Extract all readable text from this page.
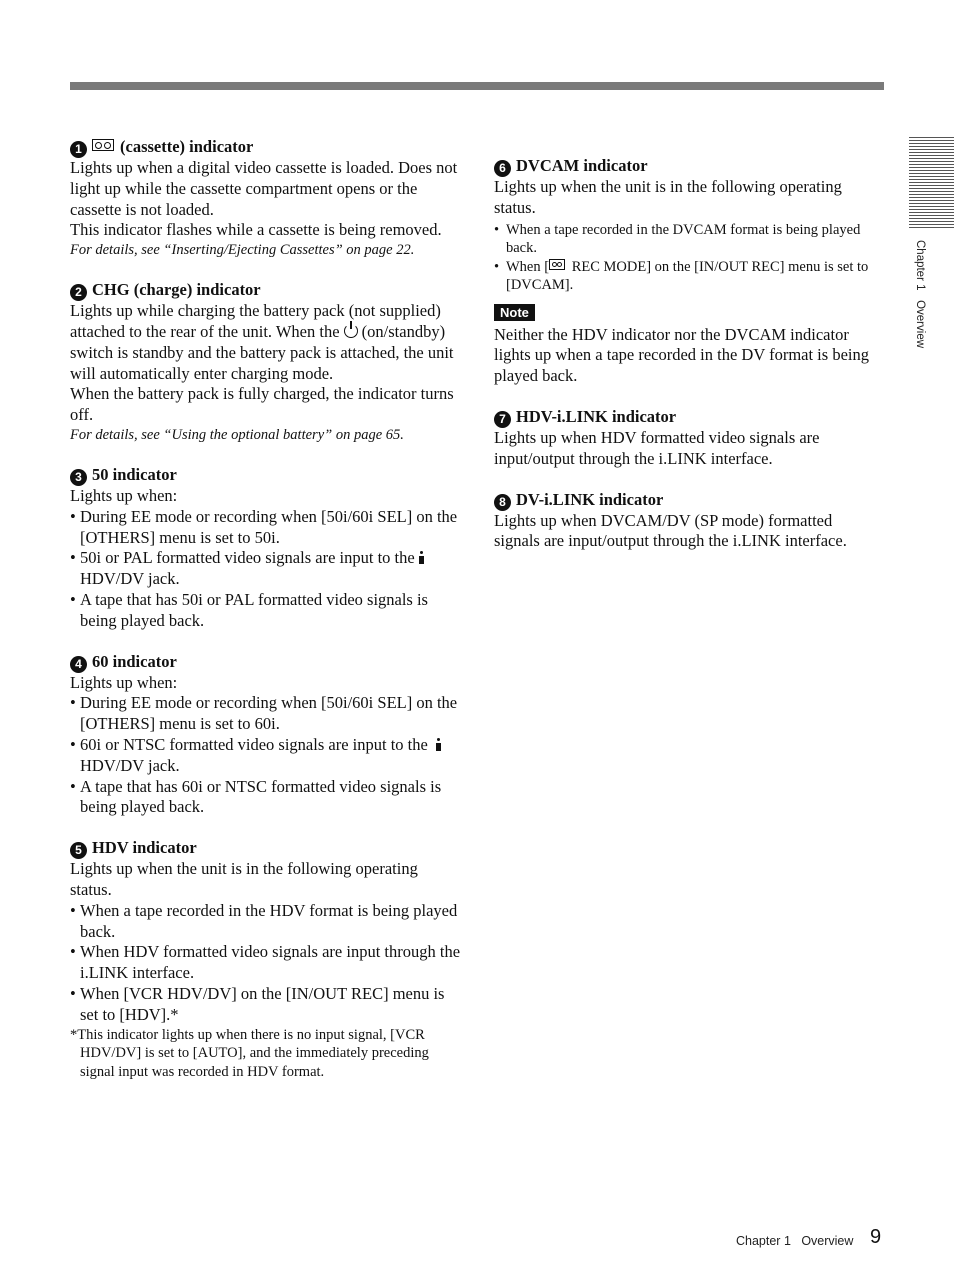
1 (cassette) indicator

Lights up when a digital video cassette is loaded. Does not light up while the cassette compartment opens or the cassette is not loaded.

This indicator flashes while a cassette is being removed.

For details, see “Inserting/Ejecting Cassettes” on page 22.

2 CHG (charge) indicator

Lights up while charging the battery pack (not supplied) attached to the rear of the unit. When the (on/standby) switch is standby and the battery pack is attached, the unit will automatically enter charging mode.

When the battery pack is fully charged, the indicator turns off.

For details, see “Using the optional battery” on page 65.

3 50 indicator

Lights up when:

• During EE mode or recording when [50i/60i SEL] on the [OTHERS] menu is set to 50i.
• 50i or PAL formatted video signals are input to theHDV/DV jack.
• A tape that has 50i or PAL formatted video signals is being played back.
4 60 indicator

Lights up when:

• During EE mode or recording when [50i/60i SEL] on the [OTHERS] menu is set to 60i.
• 60i or NTSC formatted video signals are input to the HDV/DV jack.
• A tape that has 60i or NTSC formatted video signals is being played back.
5 HDV indicator

Lights up when the unit is in the following operating status.

• When a tape recorded in the HDV format is being played back.
• When HDV formatted video signals are input through the i.LINK interface.
• When [VCR HDV/DV] on the [IN/OUT REC] menu is set to [HDV].*

*This indicator lights up when there is no input signal, [VCR HDV/DV] is set to [AUTO], and the immediately preceding signal input was recorded in HDV format.

6 DVCAM indicator

Lights up when the unit is in the following operating status.

• When a tape recorded in the DVCAM format is being played back.
• When [ REC MODE] on the [IN/OUT REC] menu is set to [DVCAM].
Note

Neither the HDV indicator nor the DVCAM indicator lights up when a tape recorded in the DV format is being played back.

7 HDV-i.LINK indicator

Lights up when HDV formatted video signals are input/output through the i.LINK interface.

8 DV-i.LINK indicator

Lights up when DVCAM/DV (SP mode) formatted signals are input/output through the i.LINK interface.

Chapter 1   Overview
Chapter 1   Overview 9
